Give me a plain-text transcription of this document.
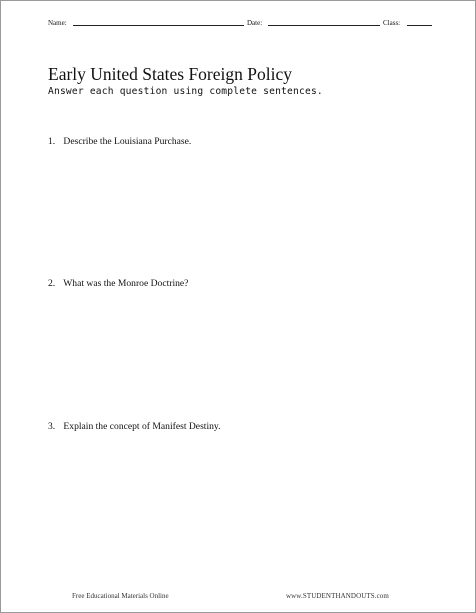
Name:	Date:	Class:
Early United States Foreign Policy
Answer each question using complete sentences.
1. Describe the Louisiana Purchase.
2. What was the Monroe Doctrine?
3. Explain the concept of Manifest Destiny.
Free Educational Materials Online	www.STUDENTHANDOUTS.com
